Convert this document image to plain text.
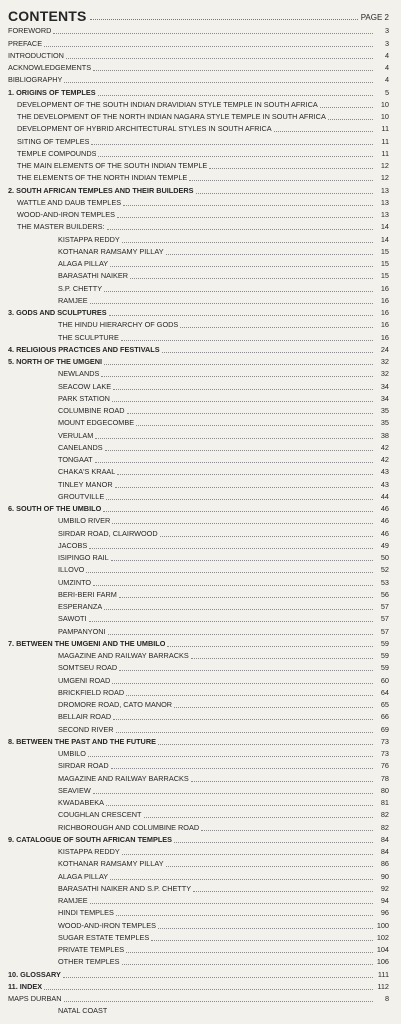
CONTENTS	PAGE 2
FOREWORD	3
PREFACE	3
INTRODUCTION	4
ACKNOWLEDGEMENTS	4
BIBLIOGRAPHY	4
1. ORIGINS OF TEMPLES	5
DEVELOPMENT OF THE SOUTH INDIAN DRAVIDIAN STYLE TEMPLE IN SOUTH AFRICA	10
THE DEVELOPMENT OF THE NORTH INDIAN NAGARA STYLE TEMPLE IN SOUTH AFRICA	10
DEVELOPMENT OF HYBRID ARCHITECTURAL STYLES IN SOUTH AFRICA	11
SITING OF TEMPLES	11
TEMPLE COMPOUNDS	11
THE MAIN ELEMENTS OF THE SOUTH INDIAN TEMPLE	12
THE ELEMENTS OF THE NORTH INDIAN TEMPLE	12
2. SOUTH AFRICAN TEMPLES AND THEIR BUILDERS	13
WATTLE AND DAUB TEMPLES	13
WOOD-AND-IRON TEMPLES	13
THE MASTER BUILDERS:	14
KISTAPPA REDDY	14
KOTHANAR RAMSAMY PILLAY	15
ALAGA PILLAY	15
BARASATHI NAIKER	15
S.P. CHETTY	16
RAMJEE	16
3. GODS AND SCULPTURES	16
THE HINDU HIERARCHY OF GODS	16
THE SCULPTURE	16
4. RELIGIOUS PRACTICES AND FESTIVALS	24
5. NORTH OF THE UMGENI	32
NEWLANDS	32
SEACOW LAKE	34
PARK STATION	34
COLUMBINE ROAD	35
MOUNT EDGECOMBE	35
VERULAM	38
CANELANDS	42
TONGAAT	42
CHAKA'S KRAAL	43
TINLEY MANOR	43
GROUTVILLE	44
6. SOUTH OF THE UMBILO	46
UMBILO RIVER	46
SIRDAR ROAD, CLAIRWOOD	46
JACOBS	49
ISIPINGO RAIL	50
ILLOVO	52
UMZINTO	53
BERI-BERI FARM	56
ESPERANZA	57
SAWOTI	57
PAMPANYONI	57
7. BETWEEN THE UMGENI AND THE UMBILO	59
MAGAZINE AND RAILWAY BARRACKS	59
SOMTSEU ROAD	59
UMGENI ROAD	60
BRICKFIELD ROAD	64
DROMORE ROAD, CATO MANOR	65
BELLAIR ROAD	66
SECOND RIVER	69
8. BETWEEN THE PAST AND THE FUTURE	73
UMBILO	73
SIRDAR ROAD	76
MAGAZINE AND RAILWAY BARRACKS	78
SEAVIEW	80
KWADABEKA	81
COUGHLAN CRESCENT	82
RICHBOROUGH AND COLUMBINE ROAD	82
9. CATALOGUE OF SOUTH AFRICAN TEMPLES	84
KISTAPPA REDDY	84
KOTHANAR RAMSAMY PILLAY	86
ALAGA PILLAY	90
BARASATHI NAIKER AND S.P. CHETTY	92
RAMJEE	94
HINDI TEMPLES	96
WOOD-AND-IRON TEMPLES	100
SUGAR ESTATE TEMPLES	102
PRIVATE TEMPLES	104
OTHER TEMPLES	106
10. GLOSSARY	111
11. INDEX	112
MAPS DURBAN	8
NATAL COAST
